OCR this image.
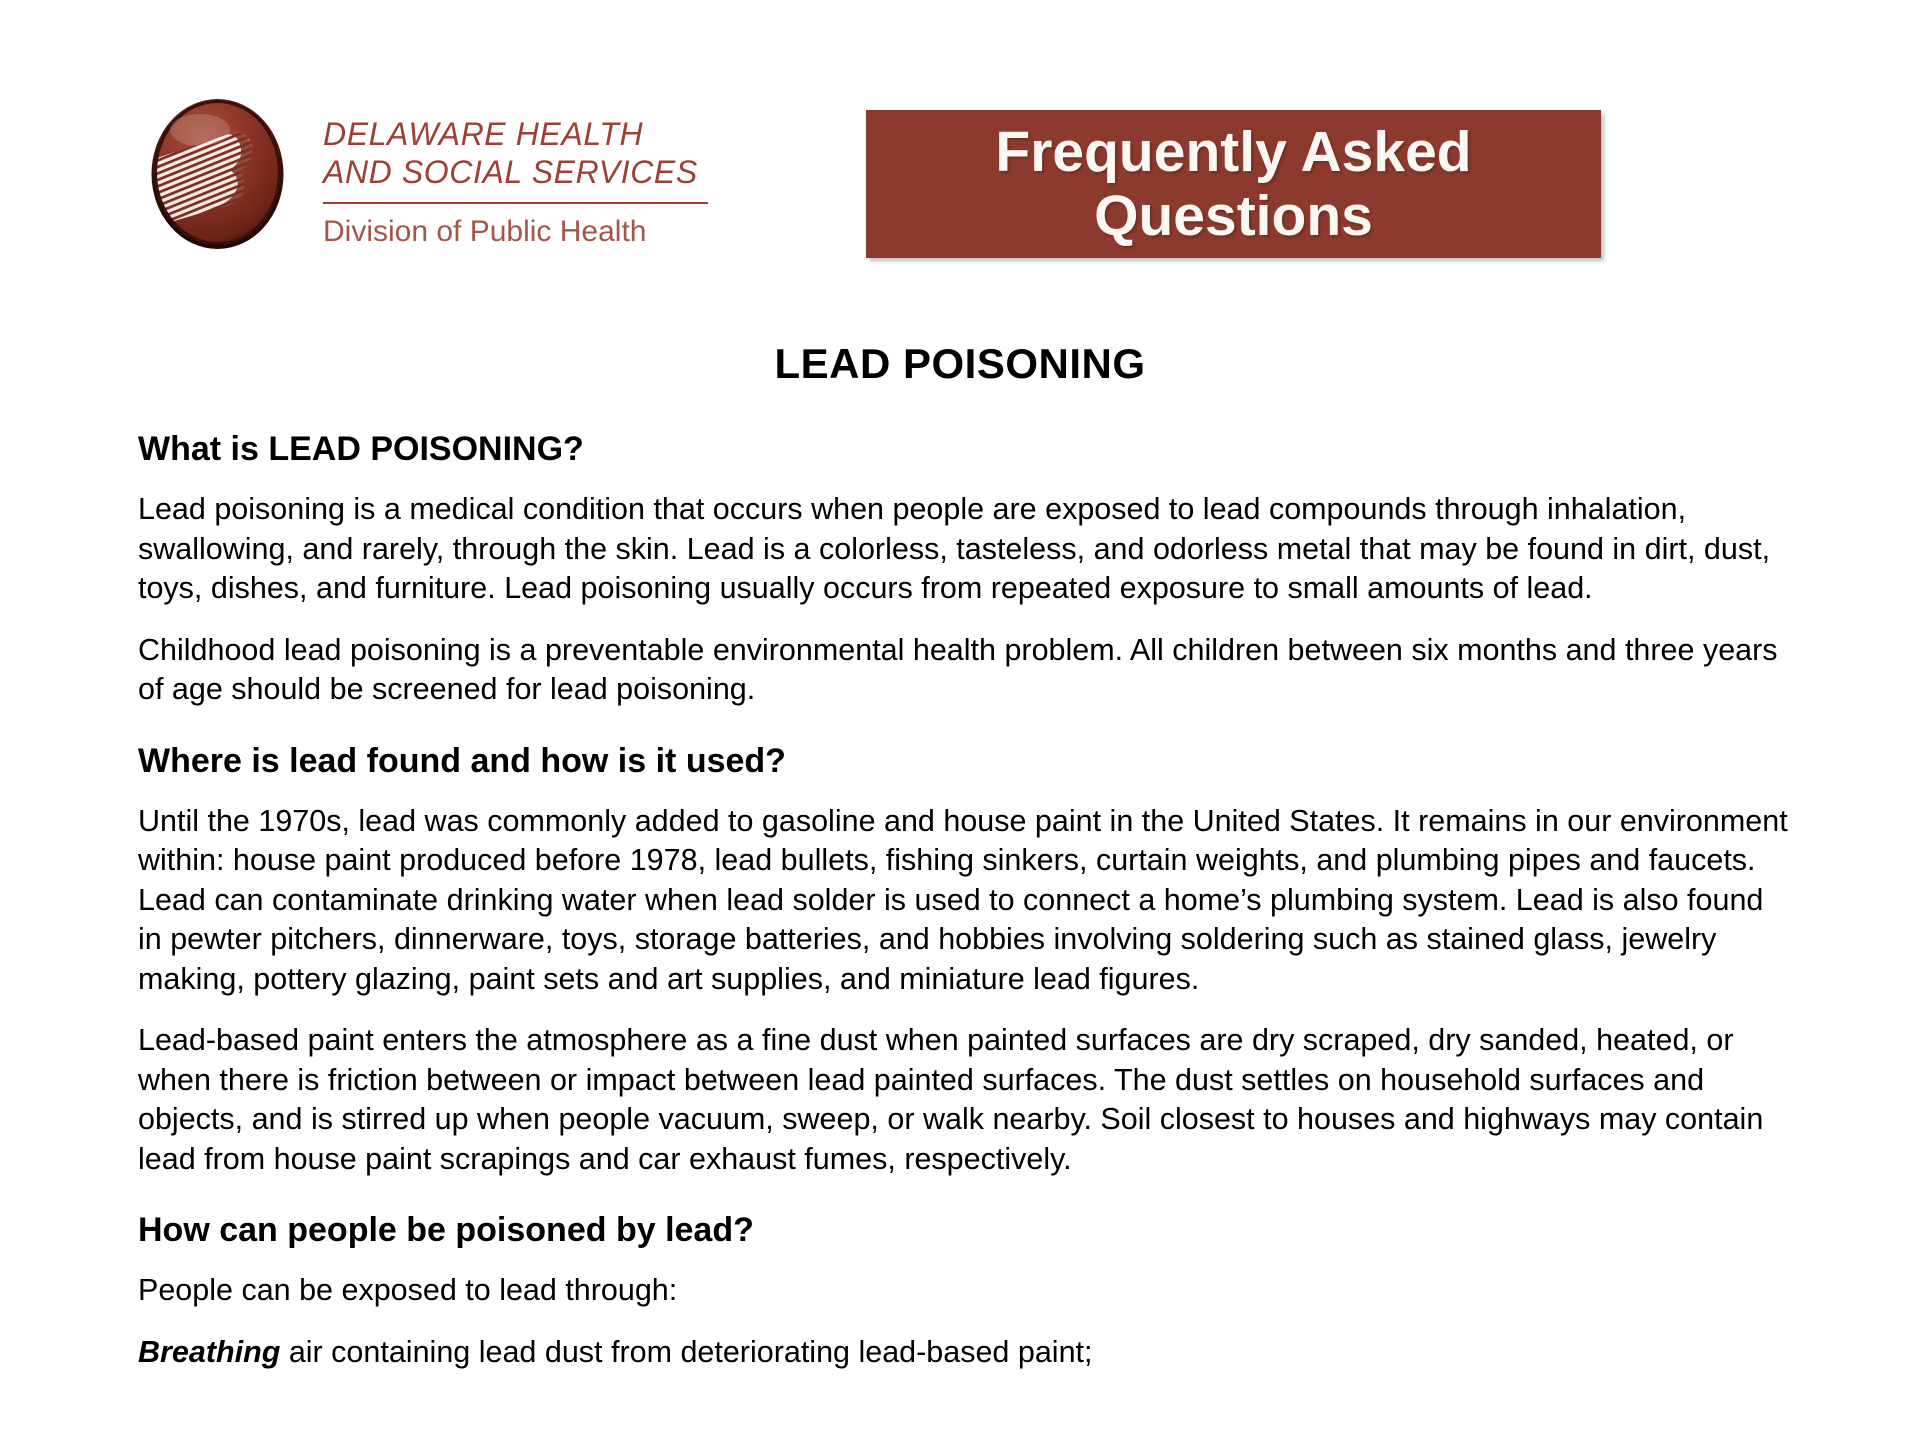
DELAWARE HEALTH
AND SOCIAL SERVICES
Division of Public Health
Frequently Asked
Questions
LEAD POISONING
What is LEAD POISONING?

Lead poisoning is a medical condition that occurs when people are exposed to lead compounds through inhalation, swallowing, and rarely, through the skin. Lead is a colorless, tasteless, and odorless metal that may be found in dirt, dust, toys, dishes, and furniture. Lead poisoning usually occurs from repeated exposure to small amounts of lead.

Childhood lead poisoning is a preventable environmental health problem. All children between six months and three years of age should be screened for lead poisoning.

Where is lead found and how is it used?

Until the 1970s, lead was commonly added to gasoline and house paint in the United States. It remains in our environment within: house paint produced before 1978, lead bullets, fishing sinkers, curtain weights, and plumbing pipes and faucets. Lead can contaminate drinking water when lead solder is used to connect a home’s plumbing system. Lead is also found in pewter pitchers, dinnerware, toys, storage batteries, and hobbies involving soldering such as stained glass, jewelry making, pottery glazing, paint sets and art supplies, and miniature lead figures.

Lead-based paint enters the atmosphere as a fine dust when painted surfaces are dry scraped, dry sanded, heated, or when there is friction between or impact between lead painted surfaces. The dust settles on household surfaces and objects, and is stirred up when people vacuum, sweep, or walk nearby. Soil closest to houses and highways may contain lead from house paint scrapings and car exhaust fumes, respectively.

How can people be poisoned by lead?

People can be exposed to lead through:

Breathing air containing lead dust from deteriorating lead-based paint;
